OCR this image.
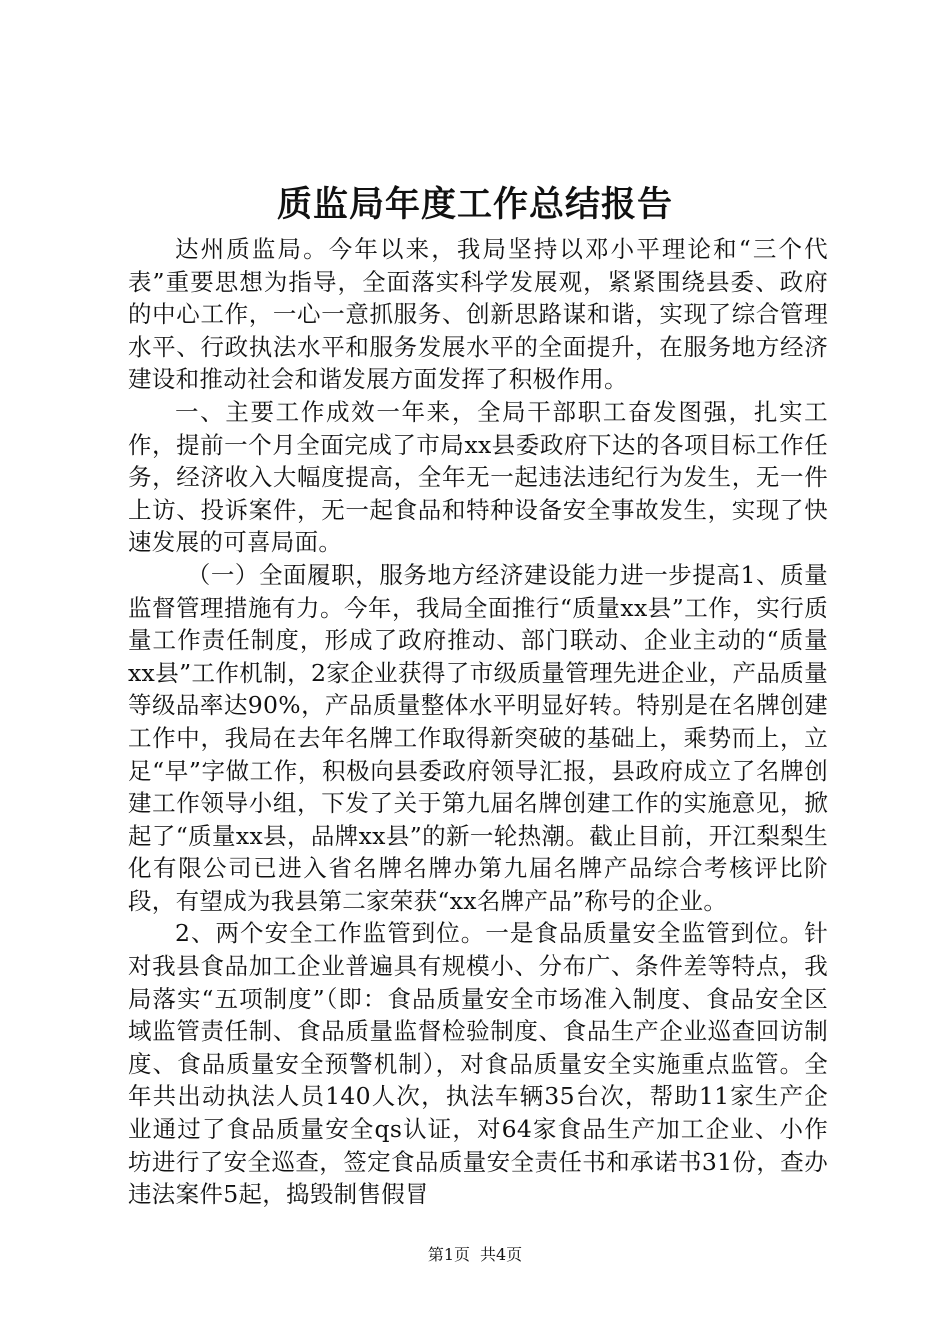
质监局年度工作总结报告

达州质监局。今年以来，我局坚持以邓小平理论和“三个代表”重要思想为指导，全面落实科学发展观，紧紧围绕县委、政府的中心工作，一心一意抓服务、创新思路谋和谐，实现了综合管理水平、行政执法水平和服务发展水平的全面提升，在服务地方经济建设和推动社会和谐发展方面发挥了积极作用。

一、主要工作成效一年来，全局干部职工奋发图强，扎实工作，提前一个月全面完成了市局xx县委政府下达的各项目标工作任务，经济收入大幅度提高，全年无一起违法违纪行为发生，无一件上访、投诉案件，无一起食品和特种设备安全事故发生，实现了快速发展的可喜局面。

（一）全面履职，服务地方经济建设能力进一步提高1、质量监督管理措施有力。今年，我局全面推行“质量xx县”工作，实行质量工作责任制度，形成了政府推动、部门联动、企业主动的“质量xx县”工作机制，2家企业获得了市级质量管理先进企业，产品质量等级品率达90%，产品质量整体水平明显好转。特别是在名牌创建工作中，我局在去年名牌工作取得新突破的基础上，乘势而上，立足“早”字做工作，积极向县委政府领导汇报，县政府成立了名牌创建工作领导小组，下发了关于第九届名牌创建工作的实施意见，掀起了“质量xx县，品牌xx县”的新一轮热潮。截止目前，开江梨梨生化有限公司已进入省名牌名牌办第九届名牌产品综合考核评比阶段，有望成为我县第二家荣获“xx名牌产品”称号的企业。

2、两个安全工作监管到位。一是食品质量安全监管到位。针对我县食品加工企业普遍具有规模小、分布广、条件差等特点，我局落实“五项制度”（即：食品质量安全市场准入制度、食品安全区域监管责任制、食品质量监督检验制度、食品生产企业巡查回访制度、食品质量安全预警机制），对食品质量安全实施重点监管。全年共出动执法人员140人次，执法车辆35台次，帮助11家生产企业通过了食品质量安全qs认证，对64家食品生产加工企业、小作坊进行了安全巡查，签定食品质量安全责任书和承诺书31份，查办违法案件5起，捣毁制售假冒

第1页 共4页
